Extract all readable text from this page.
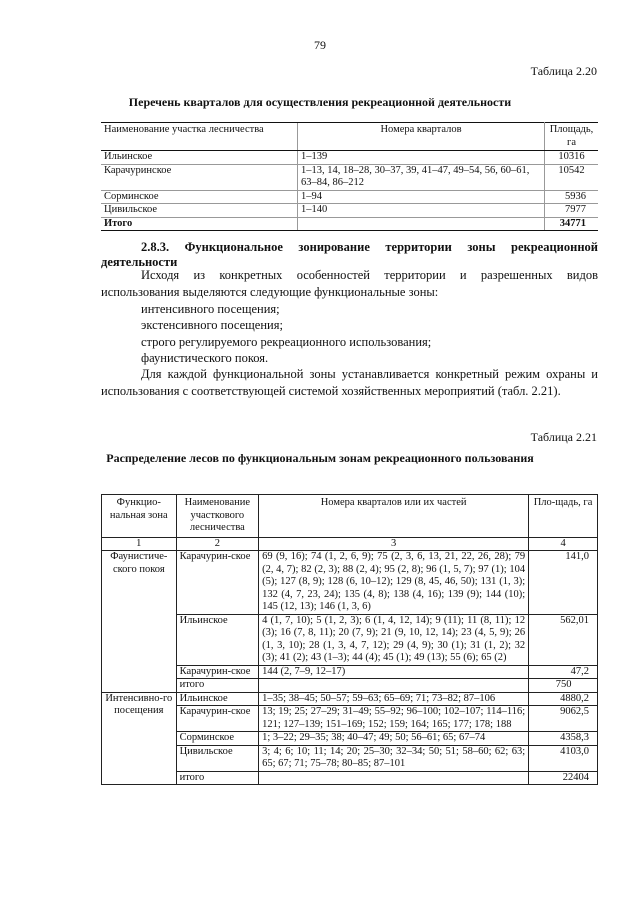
79
Таблица 2.20
Перечень кварталов для осуществления рекреационной деятельности
Наименование участка лесничества	Номера кварталов	Площадь, га
Ильинское	1–139	10316
Карачуринское	1–13, 14, 18–28, 30–37, 39, 41–47, 49–54, 56, 60–61, 63–84, 86–212	10542
Сорминское	1–94	5936
Цивильское	1–140	7977
Итого		34771
2.8.3. Функциональное зонирование территории зоны рекреационной деятельности
Исходя из конкретных особенностей территории и разрешенных видов использования выделяются следующие функциональные зоны:
интенсивного посещения;
экстенсивного посещения;
строго регулируемого рекреационного использования;
фаунистического покоя.
Для каждой функциональной зоны устанавливается конкретный режим охраны и использования с соответствующей системой хозяйственных мероприятий (табл. 2.21).
Таблица 2.21
Распределение лесов по функциональным зонам рекреационного пользования
Функцио-нальная зона	Наименование участкового лесничества	Номера кварталов или их частей	Пло-щадь, га
1	2	3	4
Фаунистиче-ского покоя	Карачурин-ское	69 (9, 16); 74 (1, 2, 6, 9); 75 (2, 3, 6, 13, 21, 22, 26, 28); 79 (2, 4, 7); 82 (2, 3); 88 (2, 4); 95 (2, 8); 96 (1, 5, 7); 97 (1); 104 (5); 127 (8, 9); 128 (6, 10–12); 129 (8, 45, 46, 50); 131 (1, 3); 132 (4, 7, 23, 24); 135 (4, 8); 138 (4, 16); 139 (9); 144 (10); 145 (12, 13); 146 (1, 3, 6)	141,0
	Ильинское	4 (1, 7, 10); 5 (1, 2, 3); 6 (1, 4, 12, 14); 9 (11); 11 (8, 11); 12 (3); 16 (7, 8, 11); 20 (7, 9); 21 (9, 10, 12, 14); 23 (4, 5, 9); 26 (1, 3, 10); 28 (1, 3, 4, 7, 12); 29 (4, 9); 30 (1); 31 (1, 2); 32 (3); 41 (2); 43 (1–3); 44 (4); 45 (1); 49 (13); 55 (6); 65 (2)	562,01
	Карачурин-ское	144 (2, 7–9, 12–17)	47,2
	итого		750
Интенсивно-го посещения	Ильинское	1–35; 38–45; 50–57; 59–63; 65–69; 71; 73–82; 87–106	4880,2
	Карачурин-ское	13; 19; 25; 27–29; 31–49; 55–92; 96–100; 102–107; 114–116; 121; 127–139; 151–169; 152; 159; 164; 165; 177; 178; 188	9062,5
	Сорминское	1; 3–22; 29–35; 38; 40–47; 49; 50; 56–61; 65; 67–74	4358,3
	Цивильское	3; 4; 6; 10; 11; 14; 20; 25–30; 32–34; 50; 51; 58–60; 62; 63; 65; 67; 71; 75–78; 80–85; 87–101	4103,0
	итого		22404
